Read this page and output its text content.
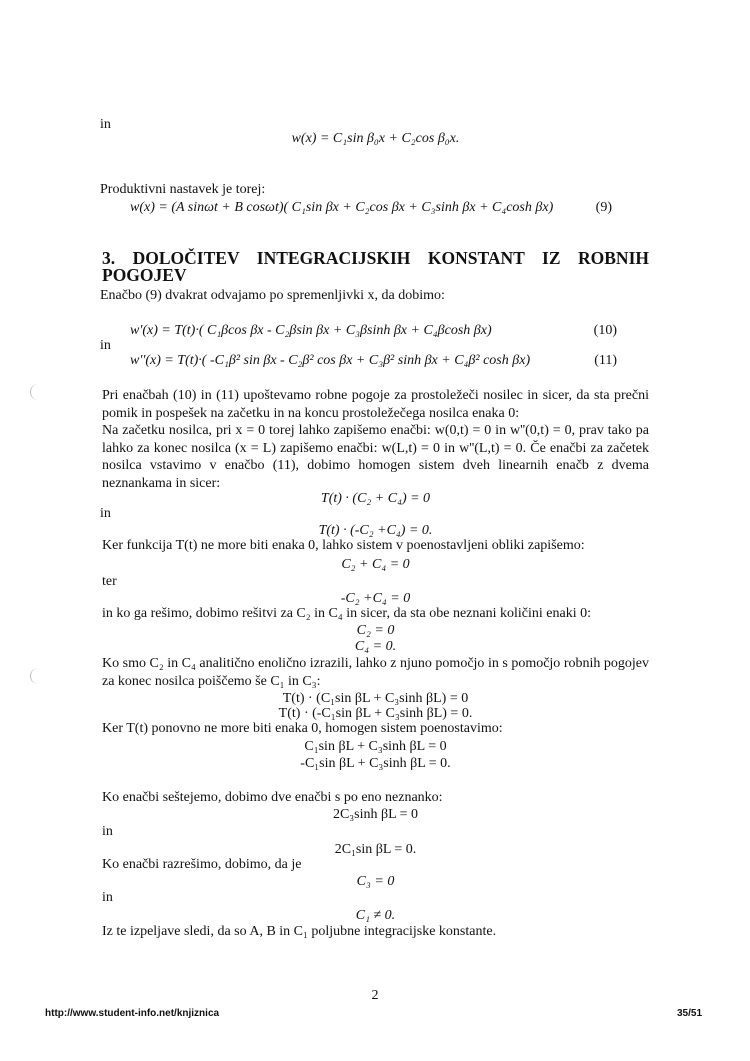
in
w(x) = C₁sin β₀x + C₂cos β₀x.
Produktivni nastavek je torej:
w(x) = (A sinωt + B cosωt)( C₁sin βx + C₂cos βx + C₃sinh βx + C₄cosh βx)	(9)
3. DOLOČITEV INTEGRACIJSKIH KONSTANT IZ ROBNIH
POGOJEV
Enačbo (9) dvakrat odvajamo po spremenljivki x, da dobimo:
w'(x) = T(t)·( C₁βcos βx - C₂βsin βx + C₃βsinh βx + C₄βcosh βx)	(10)
in
w''(x) = T(t)·( -C₁β² sin βx - C₂β² cos βx + C₃β² sinh βx + C₄β² cosh βx)	(11)
Pri enačbah (10) in (11) upoštevamo robne pogoje za prostoležeči nosilec in sicer, da sta prečni pomik in pospešek na začetku in na koncu prostoležečega nosilca enaka 0:
Na začetku nosilca, pri x = 0 torej lahko zapišemo enačbi: w(0,t) = 0 in w''(0,t) = 0, prav tako pa lahko za konec nosilca (x = L) zapišemo enačbi: w(L,t) = 0 in w''(L,t) = 0. Če enačbi za začetek nosilca vstavimo v enačbo (11), dobimo homogen sistem dveh linearnih enačb z dvema neznankama in sicer:
T(t) · (C₂ + C₄) = 0
in
T(t) · (-C₂ +C₄) = 0.
Ker funkcija T(t) ne more biti enaka 0, lahko sistem v poenostavljeni obliki zapišemo:
C₂ + C₄ = 0
ter
-C₂ +C₄ = 0
in ko ga rešimo, dobimo rešitvi za C₂ in C₄ in sicer, da sta obe neznani količini enaki 0:
C₂ = 0
C₄ = 0.
Ko smo C₂ in C₄ analitično enolično izrazili, lahko z njuno pomočjo in s pomočjo robnih pogojev za konec nosilca poiščemo še C₁ in C₃:
T(t) · (C₁sin βL + C₃sinh βL) = 0
T(t) · (-C₁sin βL + C₃sinh βL) = 0.
Ker T(t) ponovno ne more biti enaka 0, homogen sistem poenostavimo:
C₁sin βL + C₃sinh βL = 0
-C₁sin βL + C₃sinh βL = 0.
Ko enačbi seštejemo, dobimo dve enačbi s po eno neznanko:
2C₃sinh βL = 0
in
2C₁sin βL = 0.
Ko enačbi razrešimo, dobimo, da je
C₃ = 0
in
C₁ ≠ 0.
Iz te izpeljave sledi, da so A, B in C₁ poljubne integracijske konstante.
2
http://www.student-info.net/knjiznica	35/51
